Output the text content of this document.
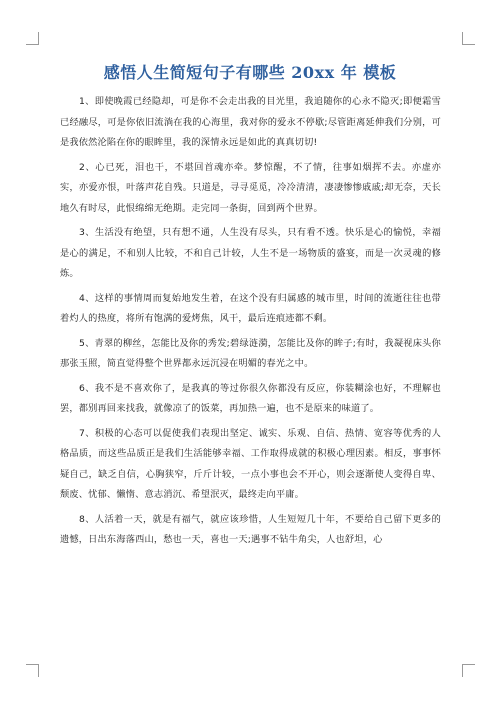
感悟人生简短句子有哪些 20xx 年 模板

1、即使晚霞已经隐却，可是你不会走出我的目光里，我追随你的心永不隐灭;即便霜雪已经融尽，可是你依旧流淌在我的心海里，我对你的爱永不停歇;尽管距离延伸我们分别，可是我依然沦陷在你的眼眸里，我的深情永远是如此的真真切切!

2、心已死，泪也干，不堪回首魂亦牵。梦惊醒，不了情，往事如烟挥不去。亦虚亦实，亦爱亦恨，叶落声花自残。只道是，寻寻觅觅，冷冷清清，凄凄惨惨戚戚;却无奈，天长地久有时尽，此恨绵绵无绝期。走完同一条街，回到两个世界。

3、生活没有绝望，只有想不通，人生没有尽头，只有看不透。快乐是心的愉悦，幸福是心的满足，不和别人比较，不和自己计较，人生不是一场物质的盛宴，而是一次灵魂的修炼。

4、这样的事情周而复始地发生着，在这个没有归属感的城市里，时间的流逝往往也带着灼人的热度，将所有饱满的爱烤焦，风干，最后连痕迹都不剩。

5、青翠的柳丝，怎能比及你的秀发;碧绿涟漪，怎能比及你的眸子;有时，我凝视床头你那张玉照，简直觉得整个世界都永远沉浸在明媚的春光之中。

6、我不是不喜欢你了，是我真的等过你很久你都没有反应，你装糊涂也好，不理解也罢，都别再回来找我，就像凉了的饭菜，再加热一遍，也不是原来的味道了。

7、积极的心态可以促使我们表现出坚定、诚实、乐观、自信、热情、宽容等优秀的人格品质，而这些品质正是我们生活能够幸福、工作取得成就的积极心理因素。相反，事事怀疑自己，缺乏自信，心胸狭窄，斤斤计较，一点小事也会不开心，则会逐渐使人变得自卑、颓废、忧郁、懒惰、意志消沉、希望泯灭，最终走向平庸。

8、人活着一天，就是有福气，就应该珍惜，人生短短几十年，不要给自己留下更多的遗憾，日出东海落西山，愁也一天，喜也一天;遇事不钻牛角尖，人也舒坦，心
